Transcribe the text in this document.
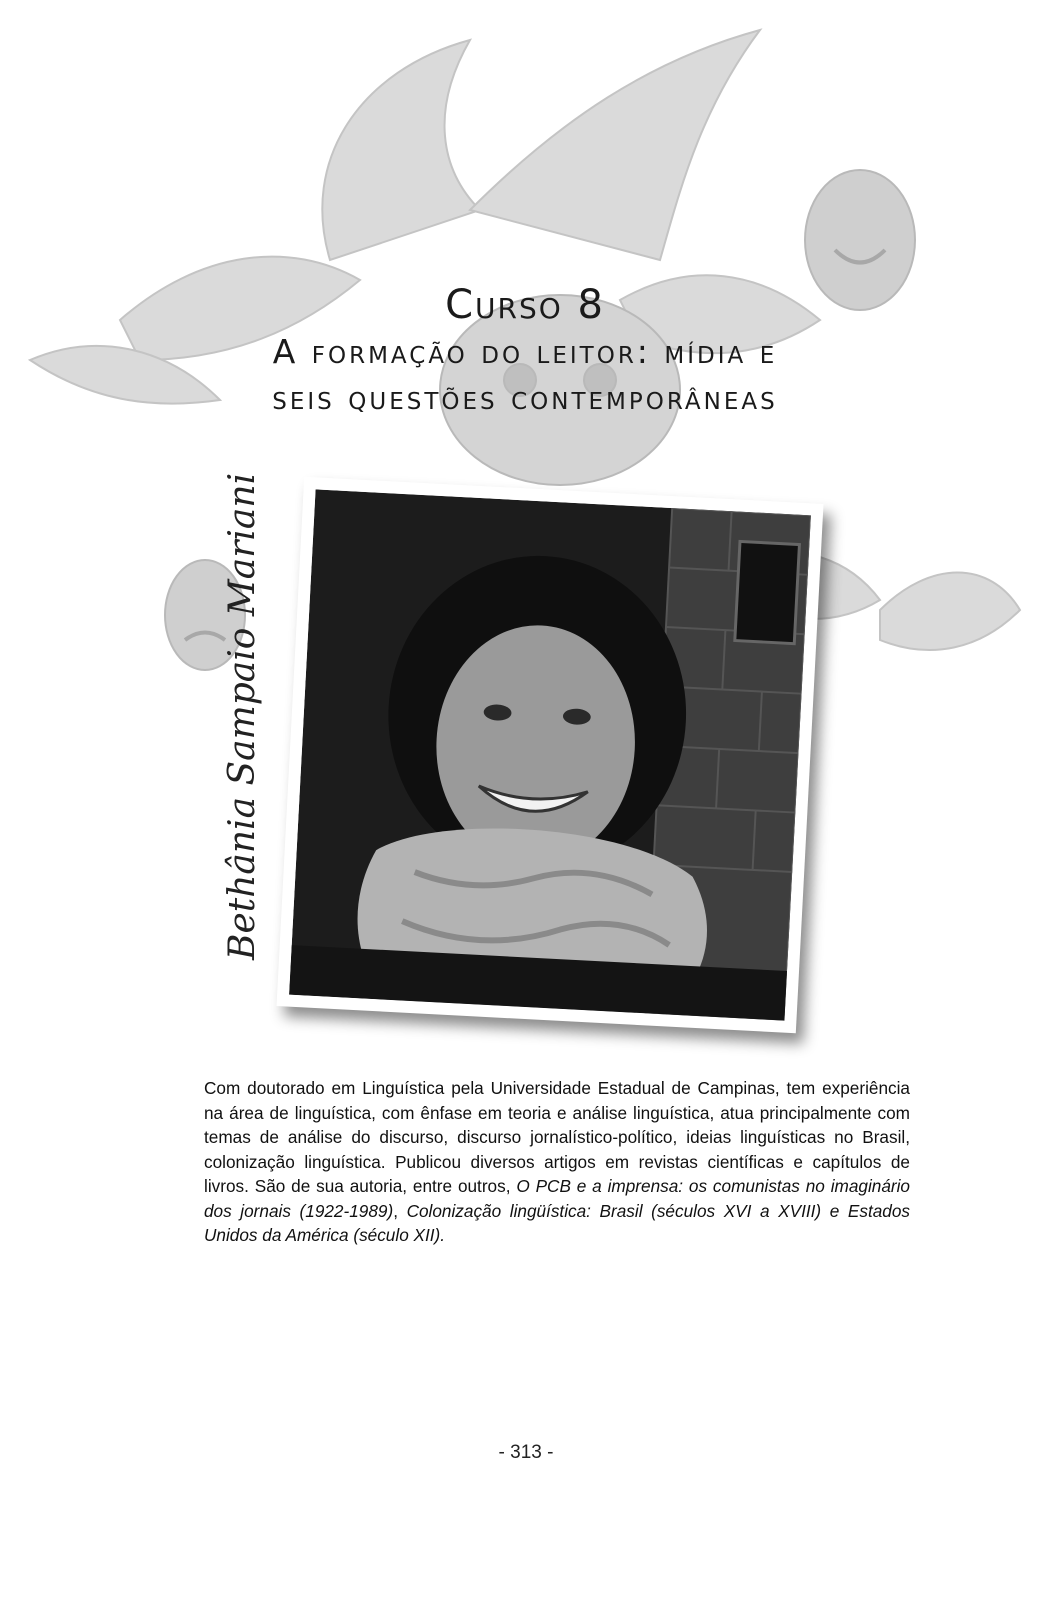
Curso 8
A formação do leitor: mídia e
seis questões contemporâneas
Bethânia Sampaio Mariani
Com doutorado em Linguística pela Universidade Estadual de Campinas, tem experiência na área de linguística, com ênfase em teoria e análise linguística, atua principalmente com temas de análise do discurso, discurso jornalístico-político, ideias linguísticas no Brasil, colonização linguística. Publicou diversos artigos em revistas científicas e capítulos de livros. São de sua autoria, entre outros, O PCB e a imprensa: os comunistas no imaginário dos jornais (1922-1989), Colonização lingüística: Brasil (séculos XVI a XVIII) e Estados Unidos da América (século XII).
- 313 -
